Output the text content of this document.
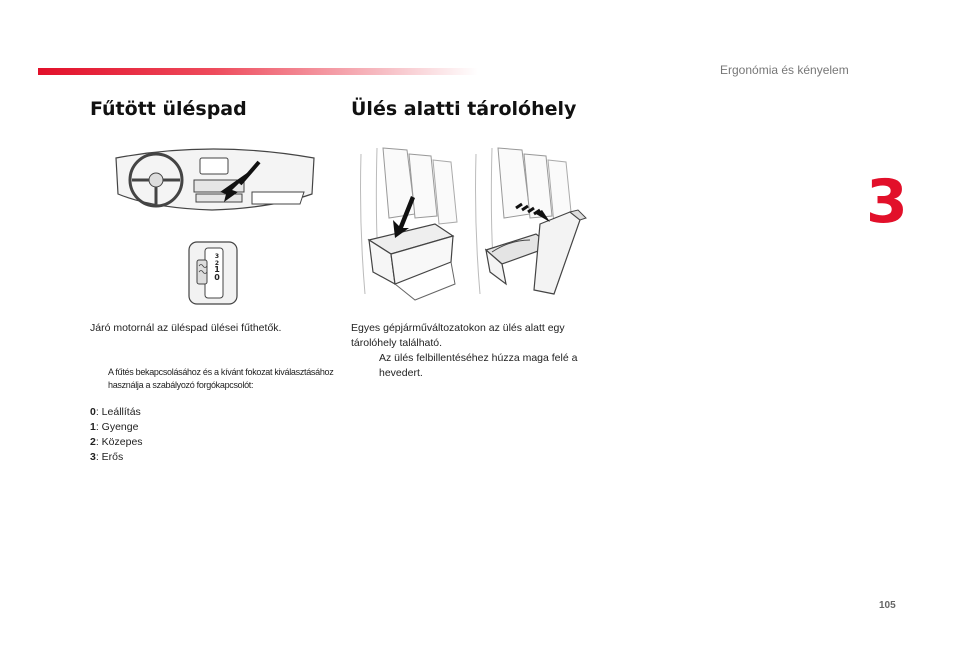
Ergonómia és kényelem
3
Fűtött üléspad
3
2
1
0
Járó motornál az üléspad ülései fűthetők.
A fűtés bekapcsolásához és a kívánt fokozat kiválasztásához használja a szabályozó forgókapcsolót:
0: Leállítás
1: Gyenge
2: Közepes
3: Erős
Ülés alatti tárolóhely
Egyes gépjárműváltozatokon az ülés alatt egy tárolóhely található.
Az ülés felbillentéséhez húzza maga felé a hevedert.
105
